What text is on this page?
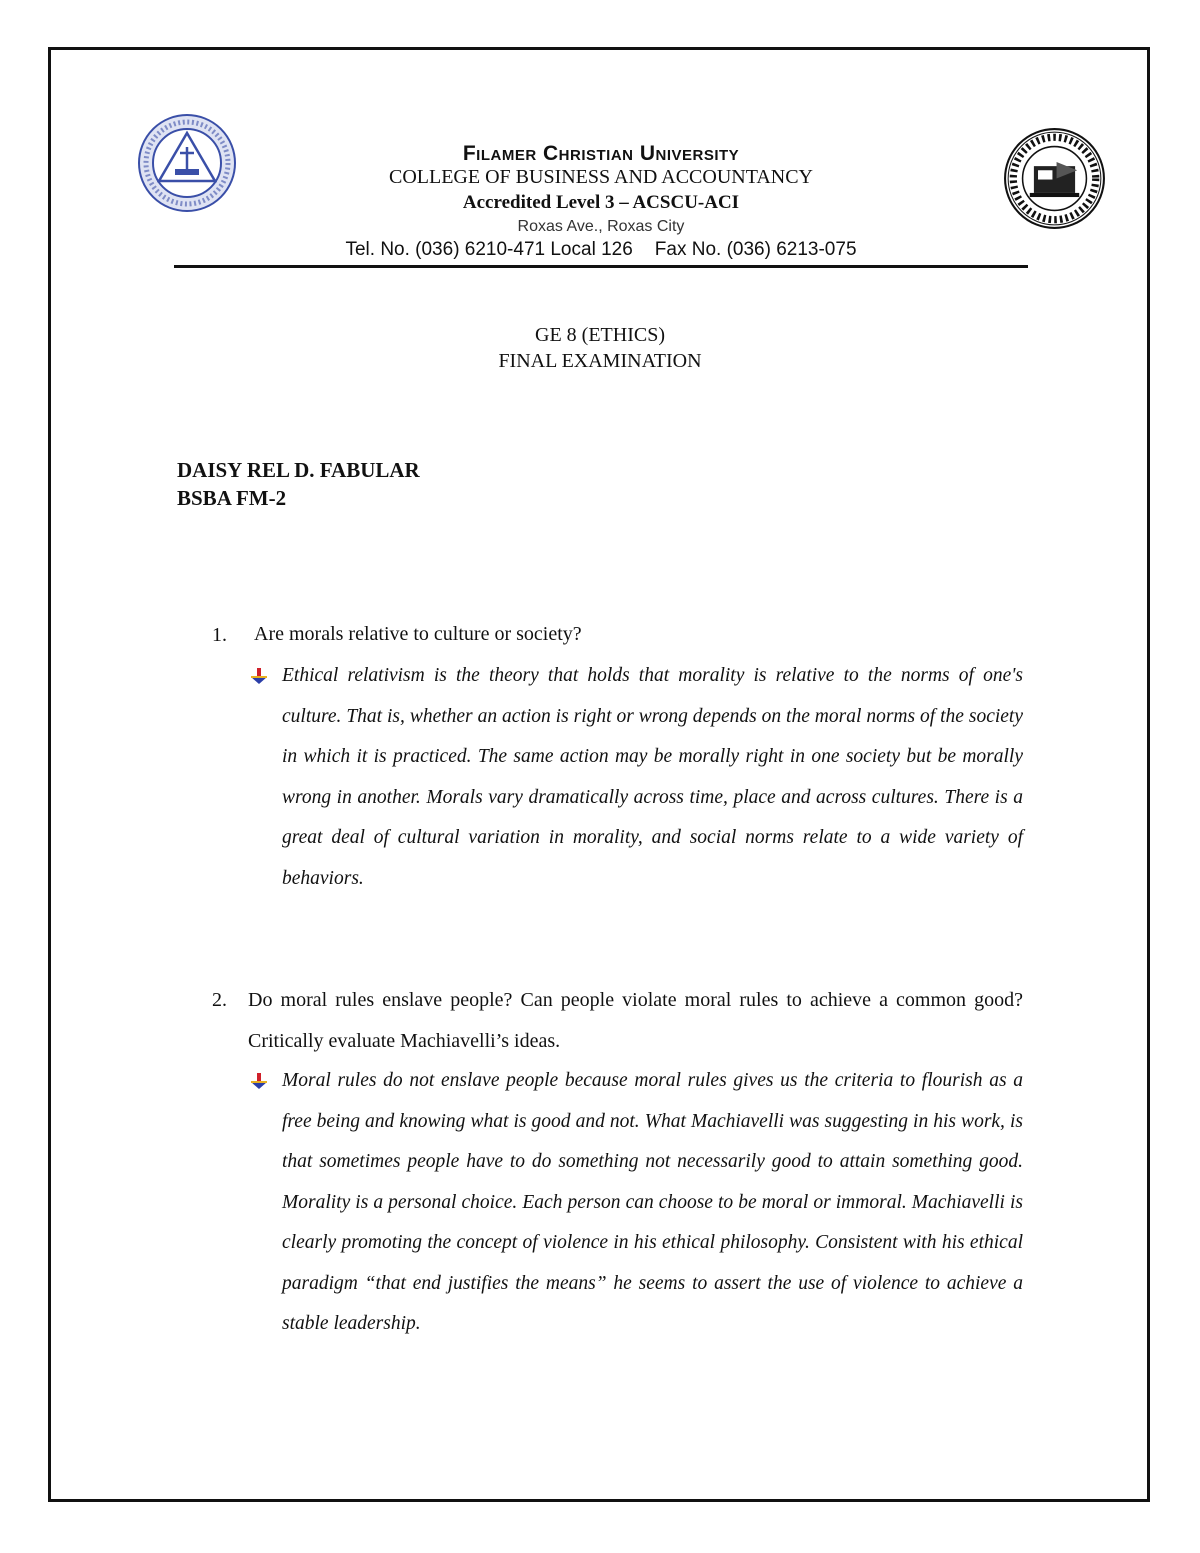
Filamer Christian University
COLLEGE OF BUSINESS AND ACCOUNTANCY
Accredited Level 3 – ACSCU-ACI
Roxas Ave., Roxas City
Tel. No. (036) 6210-471 Local 126 Fax No. (036) 6213-075
GE 8 (ETHICS)
FINAL EXAMINATION
DAISY REL D. FABULAR
BSBA FM-2
1. Are morals relative to culture or society?
Ethical relativism is the theory that holds that morality is relative to the norms of one's culture. That is, whether an action is right or wrong depends on the moral norms of the society in which it is practiced. The same action may be morally right in one society but be morally wrong in another. Morals vary dramatically across time, place and across cultures. There is a great deal of cultural variation in morality, and social norms relate to a wide variety of behaviors.
2. Do moral rules enslave people? Can people violate moral rules to achieve a common good? Critically evaluate Machiavelli’s ideas.
Moral rules do not enslave people because moral rules gives us the criteria to flourish as a free being and knowing what is good and not. What Machiavelli was suggesting in his work, is that sometimes people have to do something not necessarily good to attain something good. Morality is a personal choice. Each person can choose to be moral or immoral. Machiavelli is clearly promoting the concept of violence in his ethical philosophy. Consistent with his ethical paradigm “that end justifies the means” he seems to assert the use of violence to achieve a stable leadership.
